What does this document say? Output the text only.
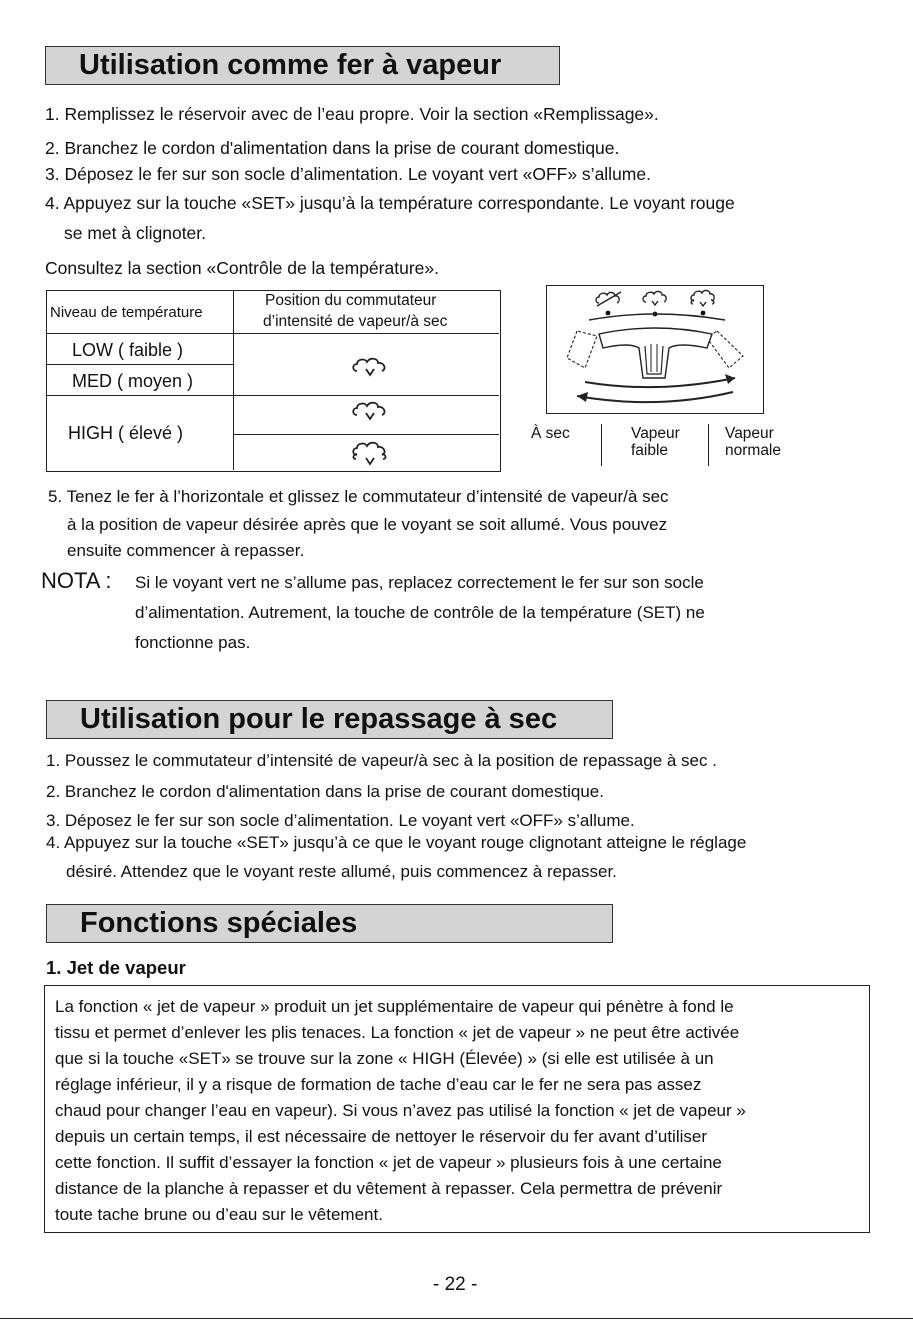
Utilisation comme fer à vapeur
1. Remplissez le réservoir avec de l’eau propre. Voir la section «Remplissage».
2. Branchez le cordon d'alimentation dans la prise de courant domestique.
3. Déposez le fer sur son socle d’alimentation. Le voyant vert «OFF» s’allume.
4. Appuyez sur la touche «SET» jusqu’à la température correspondante. Le voyant rouge
se met à clignoter.
Consultez la section «Contrôle de la température».
Niveau de température
Position du commutateur
d’intensité de vapeur/à sec
LOW ( faible )
MED ( moyen )
HIGH ( élevé )	À sec	Vapeur
faible
Vapeur
normale
5. Tenez le fer à l’horizontale et glissez le commutateur d’intensité de vapeur/à sec
à la position de vapeur désirée après que le voyant se soit allumé. Vous pouvez
ensuite commencer à repasser.
NOTA : Si le voyant vert ne s’allume pas, replacez correctement le fer sur son socle
d’alimentation. Autrement, la touche de contrôle de la température (SET) ne
fonctionne pas.
Utilisation pour le repassage à sec
1. Poussez le commutateur d’intensité de vapeur/à sec à la position de repassage à sec .
2. Branchez le cordon d'alimentation dans la prise de courant domestique.
3. Déposez le fer sur son socle d’alimentation. Le voyant vert «OFF» s’allume.
4. Appuyez sur la touche «SET» jusqu’à ce que le voyant rouge clignotant atteigne le réglage
désiré. Attendez que le voyant reste allumé, puis commencez à repasser.
Fonctions spéciales
1. Jet de vapeur
La fonction « jet de vapeur » produit un jet supplémentaire de vapeur qui pénètre à fond le
tissu et permet d’enlever les plis tenaces. La fonction « jet de vapeur » ne peut être activée
que si la touche «SET» se trouve sur la zone « HIGH (Élevée) » (si elle est utilisée à un
réglage inférieur, il y a risque de formation de tache d’eau car le fer ne sera pas assez
chaud pour changer l’eau en vapeur). Si vous n’avez pas utilisé la fonction « jet de vapeur »
depuis un certain temps, il est nécessaire de nettoyer le réservoir du fer avant d’utiliser
cette fonction. Il suffit d’essayer la fonction « jet de vapeur » plusieurs fois à une certaine
distance de la planche à repasser et du vêtement à repasser. Cela permettra de prévenir
toute tache brune ou d’eau sur le vêtement.
- 22 -
